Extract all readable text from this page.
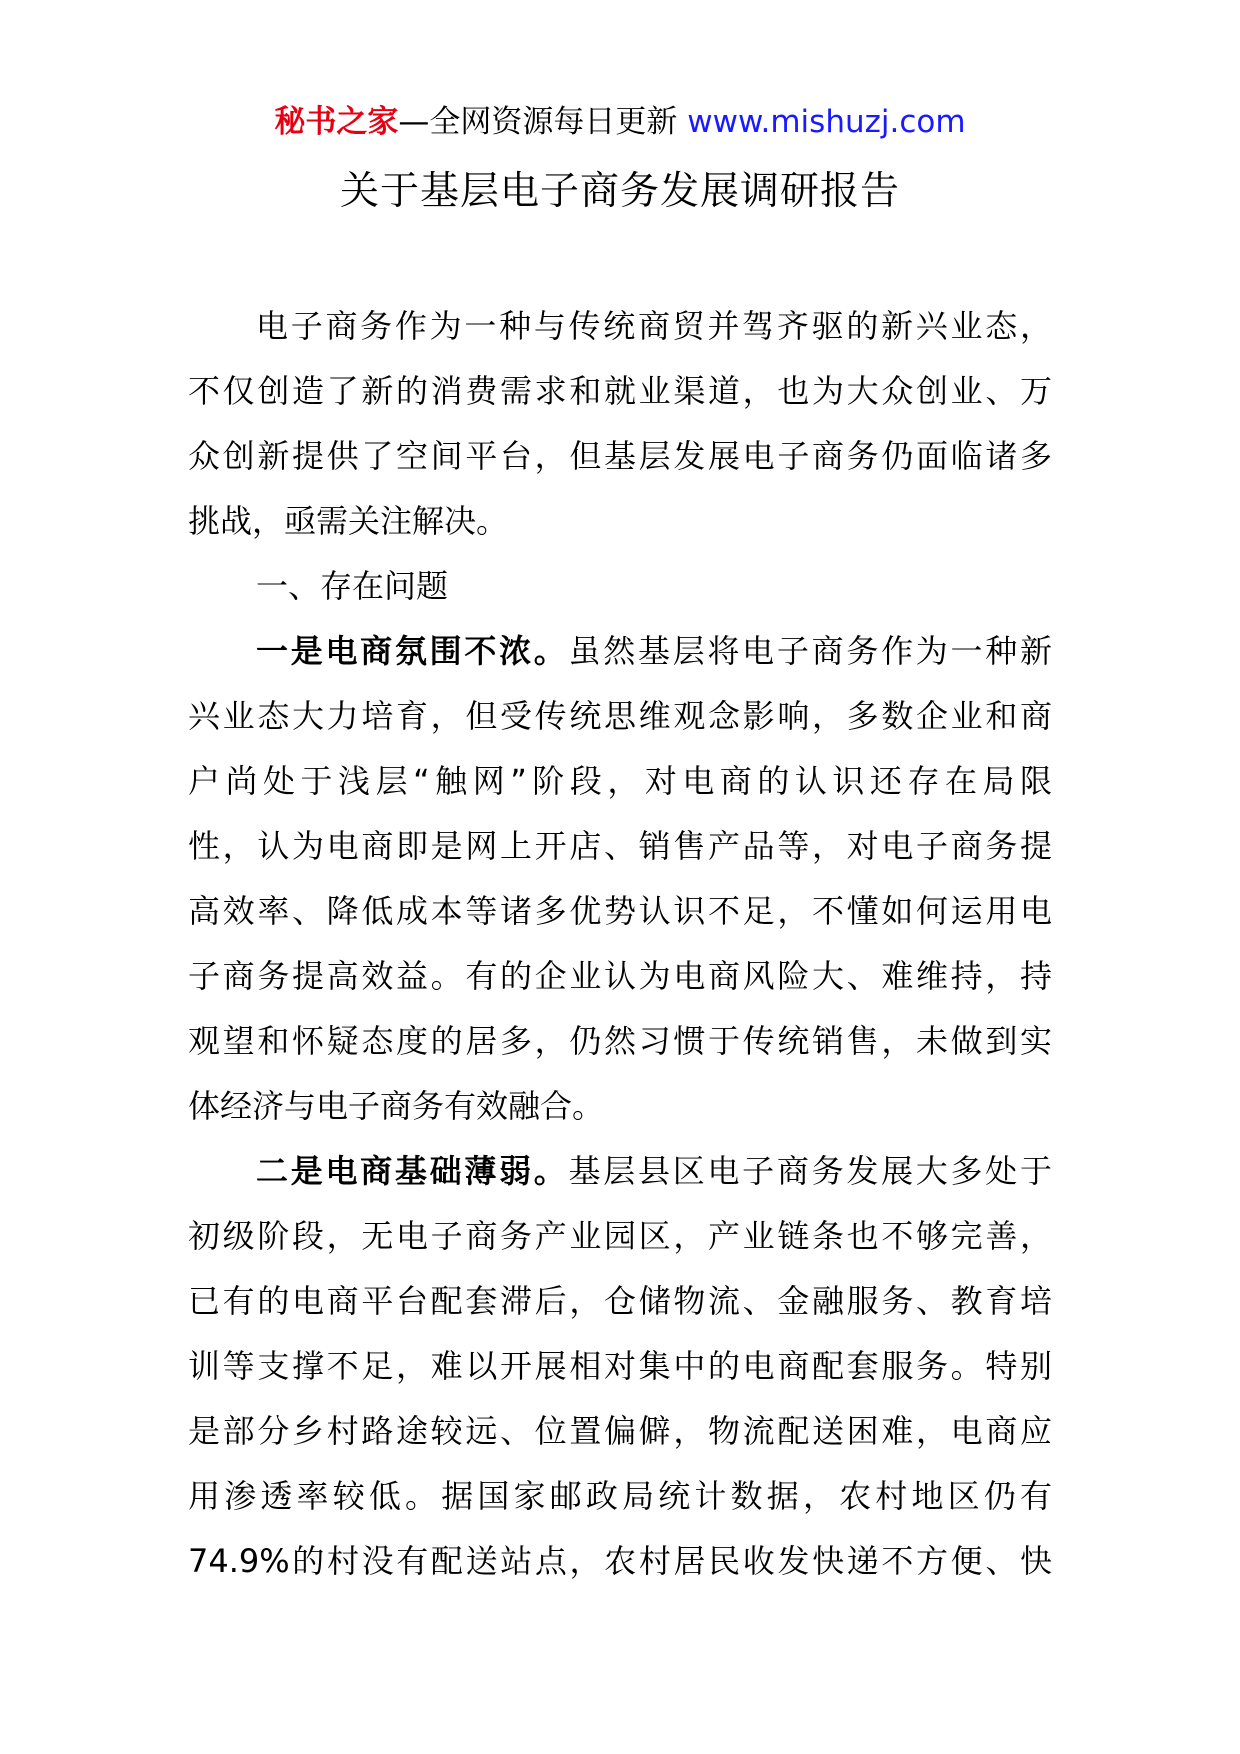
秘书之家—全网资源每日更新 www.mishuzj.com
关于基层电子商务发展调研报告
电子商务作为一种与传统商贸并驾齐驱的新兴业态，
不仅创造了新的消费需求和就业渠道，也为大众创业、万
众创新提供了空间平台，但基层发展电子商务仍面临诸多
挑战，亟需关注解决。
一、存在问题
一是电商氛围不浓。虽然基层将电子商务作为一种新
兴业态大力培育，但受传统思维观念影响，多数企业和商
户尚处于浅层“触网”阶段，对电商的认识还存在局限
性，认为电商即是网上开店、销售产品等，对电子商务提
高效率、降低成本等诸多优势认识不足，不懂如何运用电
子商务提高效益。有的企业认为电商风险大、难维持，持
观望和怀疑态度的居多，仍然习惯于传统销售，未做到实
体经济与电子商务有效融合。
二是电商基础薄弱。基层县区电子商务发展大多处于
初级阶段，无电子商务产业园区，产业链条也不够完善，
已有的电商平台配套滞后，仓储物流、金融服务、教育培
训等支撑不足，难以开展相对集中的电商配套服务。特别
是部分乡村路途较远、位置偏僻，物流配送困难，电商应
用渗透率较低。据国家邮政局统计数据，农村地区仍有
74.9%的村没有配送站点，农村居民收发快递不方便、快
